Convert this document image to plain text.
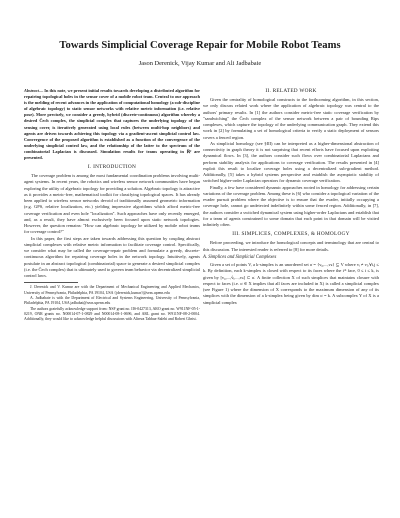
Towards Simplicial Coverage Repair for Mobile Robot Teams
Jason Derenick, Vijay Kumar and Ali Jadbabaie
Abstract— In this note, we present initial results towards developing a distributed algorithm for repairing topological holes in the sensor cover of a mobile robot team. Central to our approach is the melding of recent advances in the application of computational homology (a sub-discipline of algebraic topology) to static sensor networks with relative metric information (i.e. relative pose). More precisely, we consider a greedy, hybrid (discrete-continuous) algorithm whereby a desired Čech complex, the simplicial complex that captures the underlying topology of the sensing cover, is iteratively generated using local rules (between multi-hop neighbors) and agents are driven towards achieving this topology via a gradient-ascent simplicial control law. Convergence of the proposed algorithm is established as a function of the convergence of the underlying simplicial control law, and the relationship of the latter to the spectrum of the combinatorial Laplacian is discussed. Simulation results for teams operating in ℝ² are presented.
I. INTRODUCTION

The coverage problem is among the most fundamental coordination problems involving multi-agent systems. In recent years, the robotics and wireless sensor network communities have begun exploring the utility of algebraic topology for providing a solution. Algebraic topology is attractive as it provides a metric-free, mathematical toolkit for classifying topological spaces. It has already been applied to wireless sensor networks devoid of traditionally assumed geometric information (e.g. GPS, relative localization, etc.) yielding impressive algorithms which afford metric-free coverage verification and even hole "localization". Such approaches have only recently emerged, and, as a result, they have almost exclusively been focused upon static network topologies. However, the question remains: "How can algebraic topology be utilized by mobile robot teams for coverage control?"

In this paper, the first steps are taken towards addressing this question by coupling abstract simplicial complexes with relative metric information to facilitate coverage control. Specifically, we consider what may be called the coverage-repair problem and formulate a greedy, discrete-continuous algorithm for repairing coverage holes in the network topology. Intuitively, agents postulate in an abstract topological (combinatorial) space to generate a desired simplicial complex (i.e. the Čech complex) that is ultimately used to govern team behavior via decentralized simplicial control laws.

J. Derenick and V. Kumar are with the Department of Mechanical Engineering and Applied Mechanics, University of Pennsylvania, Philadelphia, PA 19104, USA {jderenick,kumar}@seas.upenn.edu

A. Jadbabaie is with the Department of Electrical and Systems Engineering, University of Pennsylvania, Philadelphia, PA 19104, USA jadbabai@seas.upenn.edu

The authors gratefully acknowledge support from: NSF grant no. IIS-0427313, ARO grant no. W911NF-05-1-0219, ONR grants no. N00014-07-1-0829 and N00014-08-1-0696, and ARL grant no. W911NF-08-2-0004. Additionally, they would like to acknowledge helpful discussions with Alireza Tahbaz-Salehi and Robert Ghrist.

II. RELATED WORK

Given the centrality of homological constructs to the forthcoming algorithm, in this section, we only discuss related work where the application of algebraic topology was central to the authors' primary results. In [1] the authors consider metric-free static coverage verification by "sandwiching" the Čech complex of the sensor network between a pair of bounding Rips complexes, which capture the topology of the underlying communication graph. They extend this work in [2] by formulating a set of homological criteria to verify a static deployment of sensors covers a fenced region.

As simplicial homology (see §III) can be interpreted as a higher-dimensional abstraction of connectivity in graph theory it is not surprising that recent efforts have focused upon exploiting dynamical flows. In [3], the authors consider such flows over combinatorial Laplacians and perform stability analysis for applications to coverage verification. The results presented in [4] exploit this result to localize coverage holes using a decentralized sub-gradient method. Additionally, [5] takes a hybrid systems perspective and establish the asymptotic stability of switched higher-order Laplacian operators for dynamic coverage verification.

Finally, a few have considered dynamic approaches rooted in homology for addressing certain variations of the coverage problem. Among these is [6] who consider a topological variation of the evader pursuit problem where the objective is to ensure that the evader, initially occupying a coverage hole, cannot go undetected indefinitely within some fenced region. Additionally, in [7], the authors consider a switched dynamical system using higher-order Laplacians and establish that for a team of agents constrained to some domain that each point in that domain will be visited infinitely often.

III. SIMPLICES, COMPLEXES, & HOMOLOGY

Before proceeding, we introduce the homological concepts and terminology that are central to this discussion. The interested reader is referred to [8] for more details.

A. Simplices and Simplicial Complexes

Given a set of points V, a k-simplex is an unordered set σ = {v₀,...,vₖ} ⊆ V where vᵢ ≠ vⱼ,∀i,j ≤ k. By definition, each k-simplex is closed with respect to its faces where the iᵗʰ face, 0 ≤ i ≤ k, is given by [v₀,...,v̂ᵢ,...,vₖ] ⊂ σ. A finite collection X of such simplices that maintains closure with respect to faces (i.e. σ ∈ X implies that all faces are included in X) is called a simplicial complex (see Figure 1) where the dimension of X corresponds to the maximum dimension of any of its simplices with the dimension of a k-simplex being given by dim σ = k. A subcomplex Y of X is a simplicial complex
